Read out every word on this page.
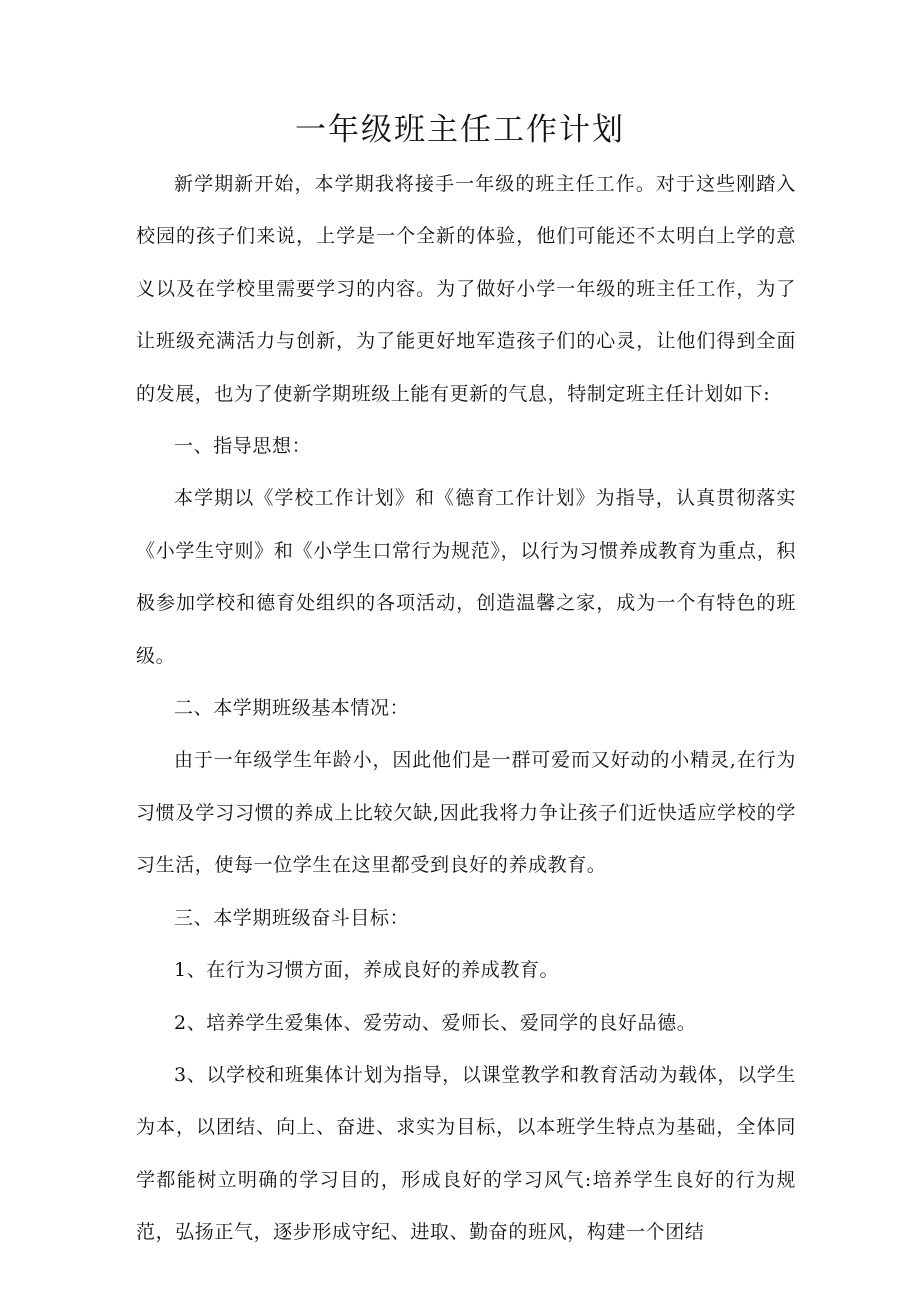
一年级班主任工作计划

新学期新开始，本学期我将接手一年级的班主任工作。对于这些刚踏入校园的孩子们来说，上学是一个全新的体验，他们可能还不太明白上学的意义以及在学校里需要学习的内容。为了做好小学一年级的班主任工作，为了让班级充满活力与创新，为了能更好地军造孩子们的心灵，让他们得到全面的发展，也为了使新学期班级上能有更新的气息，特制定班主任计划如下:

一、指导思想：

本学期以《学校工作计划》和《德育工作计划》为指导，认真贯彻落实《小学生守则》和《小学生口常行为规范》，以行为习惯养成教育为重点，积极参加学校和德育处组织的各项活动，创造温馨之家，成为一个有特色的班级。

二、本学期班级基本情况：

由于一年级学生年龄小，因此他们是一群可爱而又好动的小精灵,在行为习惯及学习习惯的养成上比较欠缺,因此我将力争让孩子们近快适应学校的学习生活，使每一位学生在这里都受到良好的养成教育。

三、本学期班级奋斗目标：

1、在行为习惯方面，养成良好的养成教育。

2、培养学生爱集体、爱劳动、爱师长、爱同学的良好品德。

3、以学校和班集体计划为指导，以课堂教学和教育活动为载体，以学生为本，以团结、向上、奋进、求实为目标，以本班学生特点为基础，全体同学都能树立明确的学习目的，形成良好的学习风气:培养学生良好的行为规范，弘扬正气，逐步形成守纪、进取、勤奋的班风，构建一个团结
